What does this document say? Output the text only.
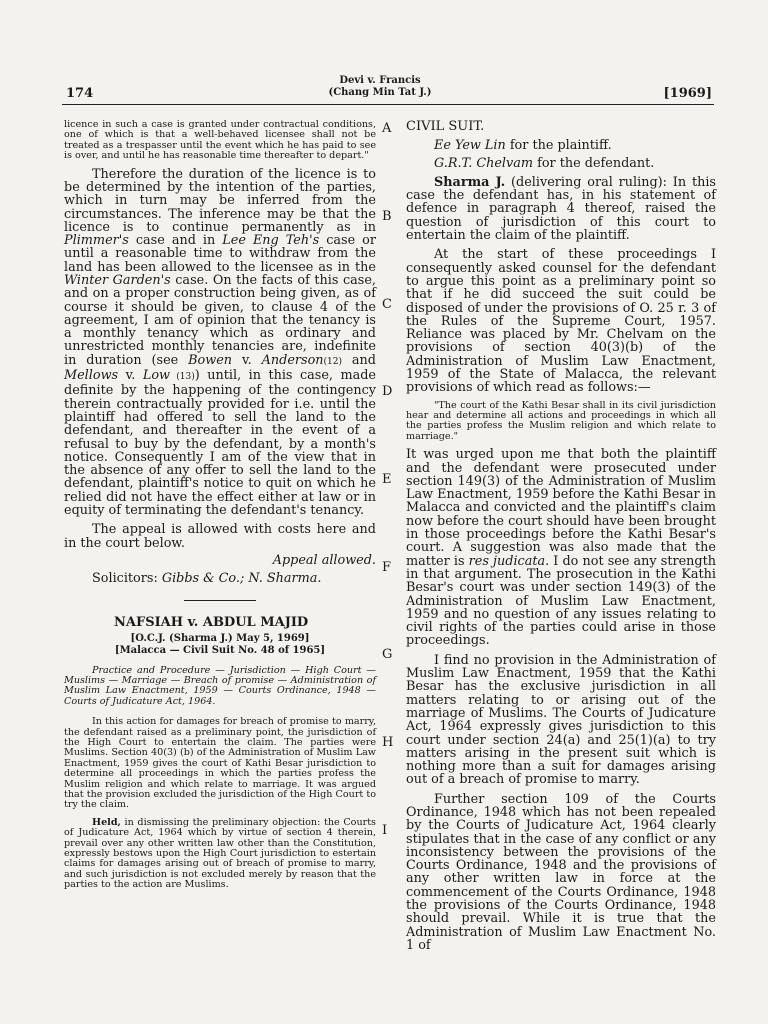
174
Devi v. Francis
(Chang Min Tat J.)	[1969]
A
B
C
D
E
F
G
H
I

licence in such a case is granted under contractual conditions, one of which is that a well-behaved licensee shall not be treated as a trespasser until the event which he has paid to see is over, and until he has reasonable time thereafter to depart."

Therefore the duration of the licence is to be determined by the intention of the parties, which in turn may be inferred from the circumstances. The inference may be that the licence is to continue permanently as in Plimmer's case and in Lee Eng Teh's case or until a reasonable time to withdraw from the land has been allowed to the licensee as in the Winter Garden's case. On the facts of this case, and on a proper construction being given, as of course it should be given, to clause 4 of the agreement, I am of opinion that the tenancy is a monthly tenancy which as ordinary and unrestricted monthly tenancies are, indefinite in duration (see Bowen v. Anderson(12) and Mellows v. Low (13)) until, in this case, made definite by the happening of the contingency therein contractually provided for i.e. until the plaintiff had offered to sell the land to the defendant, and thereafter in the event of a refusal to buy by the defendant, by a month's notice. Consequently I am of the view that in the absence of any offer to sell the land to the defendant, plaintiff's notice to quit on which he relied did not have the effect either at law or in equity of terminating the defendant's tenancy.

The appeal is allowed with costs here and in the court below.

Appeal allowed.

Solicitors: Gibbs & Co.; N. Sharma.

NAFSIAH v. ABDUL MAJID

[O.C.J. (Sharma J.) May 5, 1969]

[Malacca — Civil Suit No. 48 of 1965]

Practice and Procedure — Jurisdiction — High Court — Muslims — Marriage — Breach of promise — Administration of Muslim Law Enactment, 1959 — Courts Ordinance, 1948 — Courts of Judicature Act, 1964.

In this action for damages for breach of promise to marry, the defendant raised as a preliminary point, the jurisdiction of the High Court to entertain the claim. The parties were Muslims. Section 40(3) (b) of the Administration of Muslim Law Enactment, 1959 gives the court of Kathi Besar jurisdiction to determine all proceedings in which the parties profess the Muslim religion and which relate to marriage. It was argued that the provision excluded the jurisdiction of the High Court to try the claim.

Held, in dismissing the preliminary objection: the Courts of Judicature Act, 1964 which by virtue of section 4 therein, prevail over any other written law other than the Constitution, expressly bestows upon the High Court jurisdiction to estertain claims for damages arising out of breach of promise to marry, and such jurisdiction is not excluded merely by reason that the parties to the action are Muslims.

CIVIL SUIT.

Ee Yew Lin for the plaintiff.

G.R.T. Chelvam for the defendant.

Sharma J. (delivering oral ruling): In this case the defendant has, in his statement of defence in paragraph 4 thereof, raised the question of jurisdiction of this court to entertain the claim of the plaintiff.

At the start of these proceedings I consequently asked counsel for the defendant to argue this point as a preliminary point so that if he did succeed the suit could be disposed of under the provisions of O. 25 r. 3 of the Rules of the Supreme Court, 1957. Reliance was placed by Mr. Chelvam on the provisions of section 40(3)(b) of the Administration of Muslim Law Enactment, 1959 of the State of Malacca, the relevant provisions of which read as follows:—

"The court of the Kathi Besar shall in its civil jurisdiction hear and determine all actions and proceedings in which all the parties profess the Muslim religion and which relate to marriage."

It was urged upon me that both the plaintiff and the defendant were prosecuted under section 149(3) of the Administration of Muslim Law Enactment, 1959 before the Kathi Besar in Malacca and convicted and the plaintiff's claim now before the court should have been brought in those proceedings before the Kathi Besar's court. A suggestion was also made that the matter is res judicata. I do not see any strength in that argument. The prosecution in the Kathi Besar's court was under section 149(3) of the Administration of Muslim Law Enactment, 1959 and no question of any issues relating to civil rights of the parties could arise in those proceedings.

I find no provision in the Administration of Muslim Law Enactment, 1959 that the Kathi Besar has the exclusive jurisdiction in all matters relating to or arising out of the marriage of Muslims. The Courts of Judicature Act, 1964 expressly gives jurisdiction to this court under section 24(a) and 25(1)(a) to try matters arising in the present suit which is nothing more than a suit for damages arising out of a breach of promise to marry.

Further section 109 of the Courts Ordinance, 1948 which has not been repealed by the Courts of Judicature Act, 1964 clearly stipulates that in the case of any conflict or any inconsistency between the provisions of the Courts Ordinance, 1948 and the provisions of any other written law in force at the commencement of the Courts Ordinance, 1948 the provisions of the Courts Ordinance, 1948 should prevail. While it is true that the Administration of Muslim Law Enactment No. 1 of
